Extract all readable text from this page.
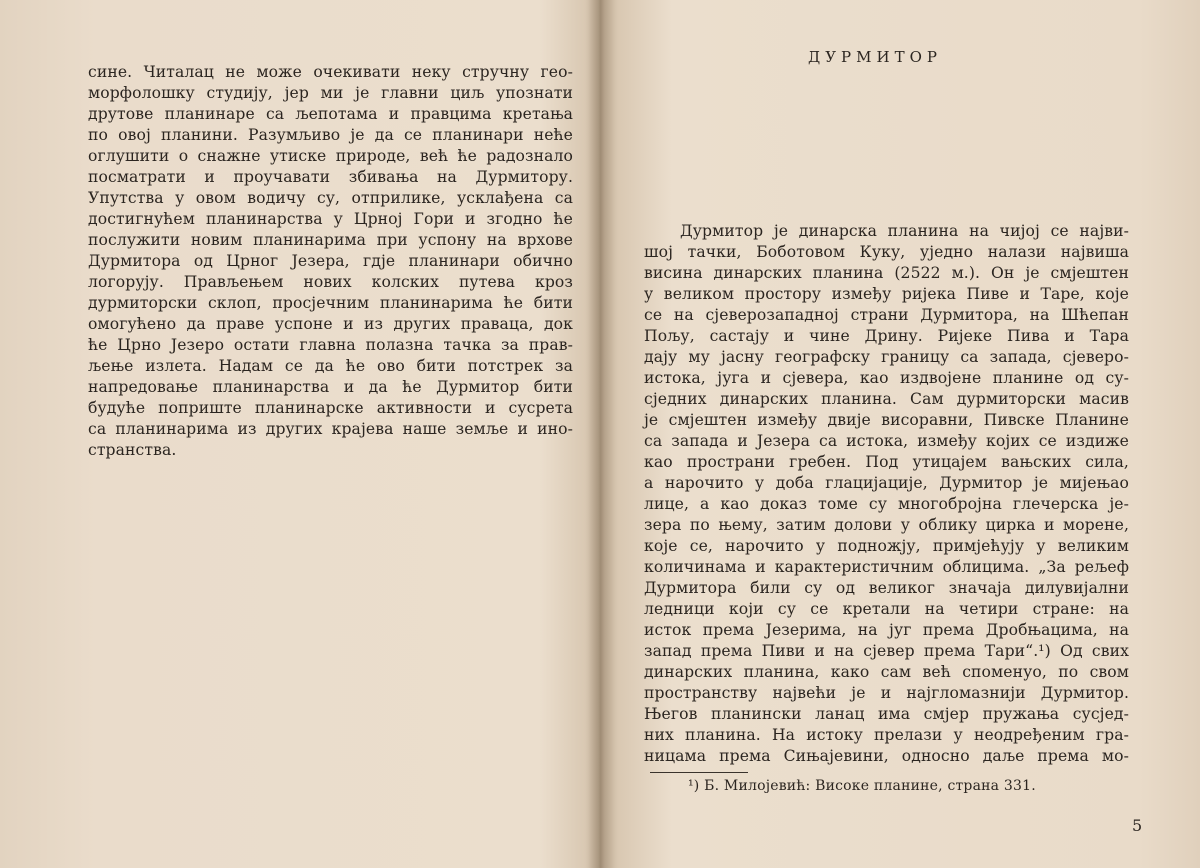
сине. Читалац не може очекивати неку стручну гео-
морфолошку студију, јер ми је главни циљ упознати
друтове планинаре са љепотама и правцима кретања
по овој планини. Разумљиво је да се планинари неће
оглушити о снажне утиске природе, већ ће радознало
посматрати и проучавати збивања на Дурмитору.
Упутства у овом водичу су, отприлике, усклађена са
достигнућем планинарства у Црној Гори и згодно ће
послужити новим планинарима при успону на врхове
Дурмитора од Црног Језера, гдје планинари обично
логорују. Прављењем нових колских путева кроз
дурмиторски склоп, просјечним планинарима ће бити
омогућено да праве успоне и из других праваца, док
ће Црно Језеро остати главна полазна тачка за прав-
љење излета. Надам се да ће ово бити потстрек за
напредовање планинарства и да ће Дурмитор бити
будуће поприште планинарске активности и сусрета
са планинарима из других крајева наше земље и ино-
странства.
ДУРМИТОР
Дурмитор је динарска планина на чијој се најви-
шој тачки, Боботовом Куку, уједно налази највиша
висина динарских планина (2522 м.). Он је смјештен
у великом простору између ријека Пиве и Таре, које
се на сјеверозападној страни Дурмитора, на Шћепан
Пољу, састају и чине Дрину. Ријеке Пива и Тара
дају му јасну географску границу са запада, сјеверо-
истока, југа и сјевера, као издвојене планине од су-
сједних динарских планина. Сам дурмиторски масив
је смјештен између двије висоравни, Пивске Планине
са запада и Језера са истока, између којих се издиже
као пространи гребен. Под утицајем вањских сила,
а нарочито у доба глацијације, Дурмитор је мијењао
лице, а као доказ томе су многобројна глечерска је-
зера по њему, затим долови у облику цирка и морене,
које се, нарочито у подножју, примјећују у великим
количинама и карактеристичним облицима. „За рељеф
Дурмитора били су од великог значаја дилувијални
ледници који су се кретали на четири стране: на
исток према Језерима, на југ према Дробњацима, на
запад према Пиви и на сјевер према Тари“.¹) Од свих
динарских планина, како сам већ споменуо, по свом
пространству највећи је и најгломазнији Дурмитор.
Његов планински ланац има смјер пружања сусјед-
них планина. На истоку прелази у неодређеним гра-
ницама према Сињајевини, односно даље према мо-
¹) Б. Милојевић: Високе планине, страна 331.
5
